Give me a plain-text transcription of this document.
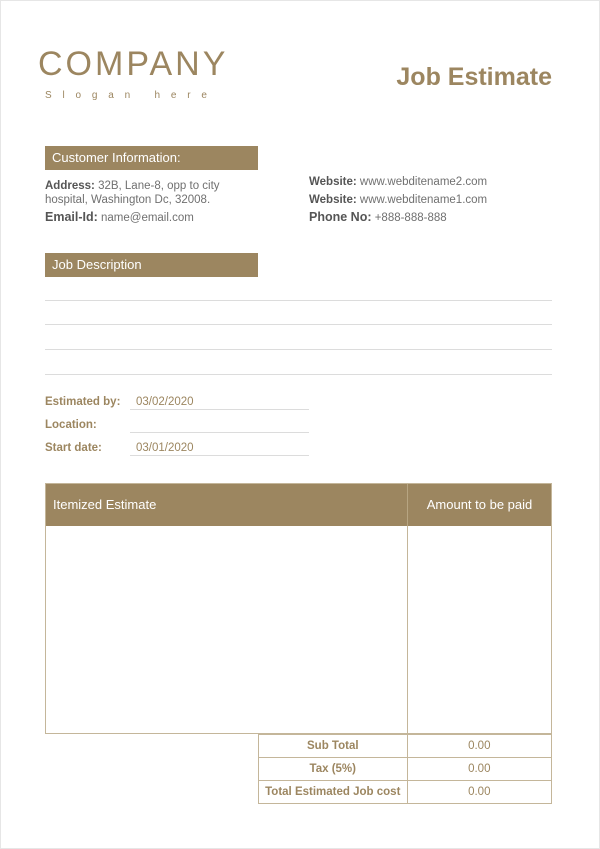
COMPANY
Slogan here
Job Estimate
Customer Information:
Address: 32B, Lane-8, opp to city
hospital, Washington Dc, 32008.
Email-Id: name@email.com
Website: www.webditename2.com
Website: www.webditename1.com
Phone No: +888-888-888
Job Description
Estimated by: 03/02/2020
Location:
Start date:	03/01/2020
Itemized Estimate	Amount to be paid
Sub Total	0.00
Tax (5%)	0.00
Total Estimated Job cost	0.00
